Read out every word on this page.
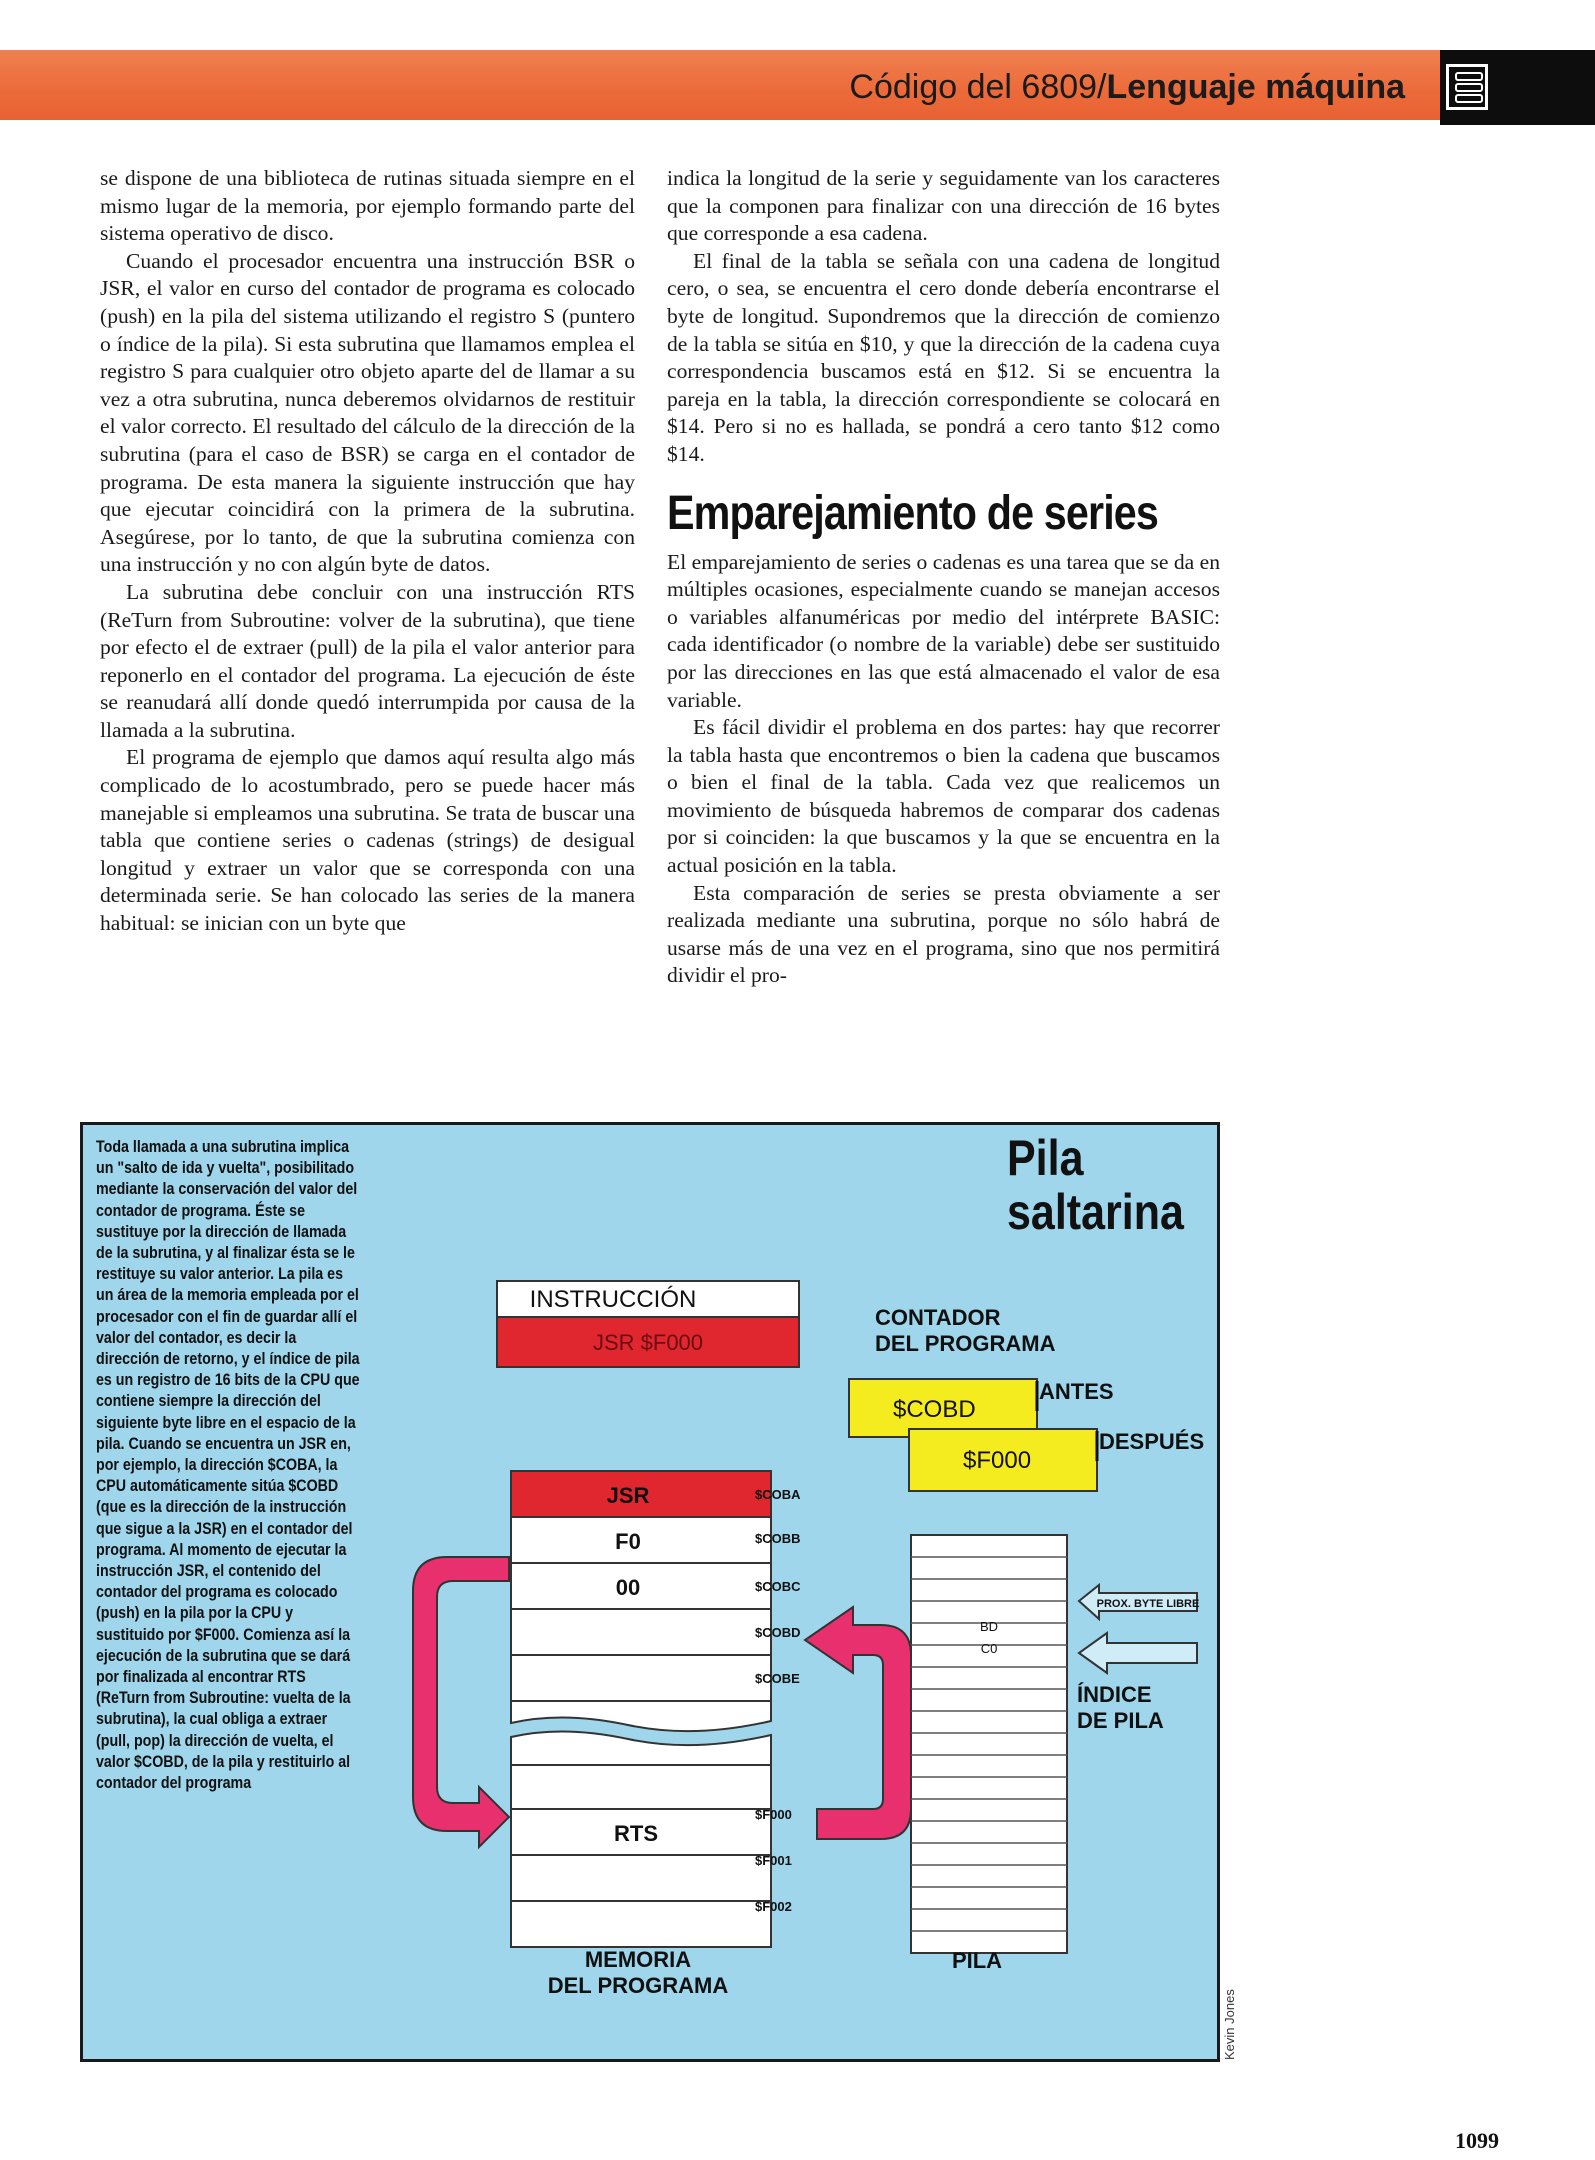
Código del 6809/Lenguaje máquina

se dispone de una biblioteca de rutinas situada siempre en el mismo lugar de la memoria, por ejemplo formando parte del sistema operativo de disco.

Cuando el procesador encuentra una instrucción BSR o JSR, el valor en curso del contador de programa es colocado (push) en la pila del sistema utilizando el registro S (puntero o índice de la pila). Si esta subrutina que llamamos emplea el registro S para cualquier otro objeto aparte del de llamar a su vez a otra subrutina, nunca deberemos olvidarnos de restituir el valor correcto. El resultado del cálculo de la dirección de la subrutina (para el caso de BSR) se carga en el contador de programa. De esta manera la siguiente instrucción que hay que ejecutar coincidirá con la primera de la subrutina. Asegúrese, por lo tanto, de que la subrutina comienza con una instrucción y no con algún byte de datos.

La subrutina debe concluir con una instrucción RTS (ReTurn from Subroutine: volver de la subrutina), que tiene por efecto el de extraer (pull) de la pila el valor anterior para reponerlo en el contador del programa. La ejecución de éste se reanudará allí donde quedó interrumpida por causa de la llamada a la subrutina.

El programa de ejemplo que damos aquí resulta algo más complicado de lo acostumbrado, pero se puede hacer más manejable si empleamos una subrutina. Se trata de buscar una tabla que contiene series o cadenas (strings) de desigual longitud y extraer un valor que se corresponda con una determinada serie. Se han colocado las series de la manera habitual: se inician con un byte que

indica la longitud de la serie y seguidamente van los caracteres que la componen para finalizar con una dirección de 16 bytes que corresponde a esa cadena.

El final de la tabla se señala con una cadena de longitud cero, o sea, se encuentra el cero donde debería encontrarse el byte de longitud. Supondremos que la dirección de comienzo de la tabla se sitúa en $10, y que la dirección de la cadena cuya correspondencia buscamos está en $12. Si se encuentra la pareja en la tabla, la dirección correspondiente se colocará en $14. Pero si no es hallada, se pondrá a cero tanto $12 como $14.

Emparejamiento de series

El emparejamiento de series o cadenas es una tarea que se da en múltiples ocasiones, especialmente cuando se manejan accesos o variables alfanuméricas por medio del intérprete BASIC: cada identificador (o nombre de la variable) debe ser sustituido por las direcciones en las que está almacenado el valor de esa variable.

Es fácil dividir el problema en dos partes: hay que recorrer la tabla hasta que encontremos o bien la cadena que buscamos o bien el final de la tabla. Cada vez que realicemos un movimiento de búsqueda habremos de comparar dos cadenas por si coinciden: la que buscamos y la que se encuentra en la actual posición en la tabla.

Esta comparación de series se presta obviamente a ser realizada mediante una subrutina, porque no sólo habrá de usarse más de una vez en el programa, sino que nos permitirá dividir el pro-

Toda llamada a una subrutina implica un "salto de ida y vuelta", posibilitado mediante la conservación del valor del contador de programa. Éste se sustituye por la dirección de llamada de la subrutina, y al finalizar ésta se le restituye su valor anterior. La pila es un área de la memoria empleada por el procesador con el fin de guardar allí el valor del contador, es decir la dirección de retorno, y el índice de pila es un registro de 16 bits de la CPU que contiene siempre la dirección del siguiente byte libre en el espacio de la pila. Cuando se encuentra un JSR en, por ejemplo, la dirección $COBA, la CPU automáticamente sitúa $COBD (que es la dirección de la instrucción que sigue a la JSR) en el contador del programa. Al momento de ejecutar la instrucción JSR, el contenido del contador del programa es colocado (push) en la pila por la CPU y sustituido por $F000. Comienza así la ejecución de la subrutina que se dará por finalizada al encontrar RTS (ReTurn from Subroutine: vuelta de la subrutina), la cual obliga a extraer (pull, pop) la dirección de vuelta, el valor $COBD, de la pila y restituirlo al contador del programa
Pila
saltarina
INSTRUCCIÓN
JSR $F000
CONTADOR
DEL PROGRAMA
$COBD
ANTES
$F000
DESPUÉS
JSR
F0
00
RTS
$COBA
$COBB
$COBC
$COBD
$COBE
$F000
$F001
$F002
MEMORIA
DEL PROGRAMA
BD
C0
PROX. BYTE LIBRE
ÍNDICE
DE PILA
PILA
Kevin Jones
1099
